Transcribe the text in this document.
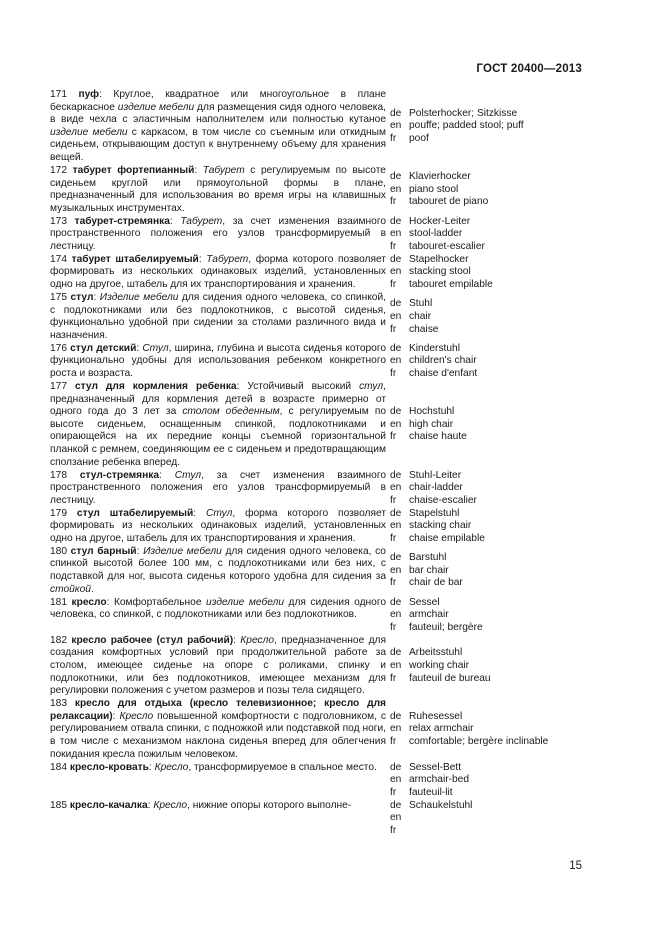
ГОСТ 20400—2013
171 пуф: Круглое, квадратное или многоугольное в плане бескаркасное изделие мебели для размещения сидя одного человека, в виде чехла с эластичным наполнителем или полностью кутаное изделие мебели с каркасом, в том числе со съемным или откидным сиденьем, открывающим доступ к внутреннему объему для хранения вещей.
de
en
fr
Polsterhocker; Sitzkisse
pouffe; padded stool; puff
poof
172 табурет фортепианный: Табурет с регулируемым по высоте сиденьем круглой или прямоугольной формы в плане, предназначенный для использования во время игры на клавишных музыкальных инструментах.
de
en
fr
Klavierhocker
piano stool
tabouret de piano
173 табурет-стремянка: Табурет, за счет изменения взаимного пространственного положения его узлов трансформируемый в лестницу.
de
en
fr
Hocker-Leiter
stool-ladder
tabouret-escalier
174 табурет штабелируемый: Табурет, форма которого позволяет формировать из нескольких одинаковых изделий, установленных одно на другое, штабель для их транспортирования и хранения.
de
en
fr
Stapelhocker
stacking stool
tabouret empilable
175 стул: Изделие мебели для сидения одного человека, со спинкой, с подлокотниками или без подлокотников, с высотой сиденья, функционально удобной при сидении за столами различного вида и назначения.
de
en
fr
Stuhl
chair
chaise
176 стул детский: Стул, ширина, глубина и высота сиденья которого функционально удобны для использования ребенком конкретного роста и возраста.
de
en
fr
Kinderstuhl
children's chair
chaise d'enfant
177 стул для кормления ребенка: Устойчивый высокий стул, предназначенный для кормления детей в возрасте примерно от одного года до 3 лет за столом обеденным, с регулируемым по высоте сиденьем, оснащенным спинкой, подлокотниками и опирающейся на их передние концы съемной горизонтальной планкой с ремнем, соединяющим ее с сиденьем и предотвращающим сползание ребенка вперед.
de
en
fr
Hochstuhl
high chair
chaise haute
178 стул-стремянка: Стул, за счет изменения взаимного пространственного положения его узлов трансформируемый в лестницу.
de
en
fr
Stuhl-Leiter
chair-ladder
chaise-escalier
179 стул штабелируемый: Стул, форма которого позволяет формировать из нескольких одинаковых изделий, установленных одно на другое, штабель для их транспортирования и хранения.
de
en
fr
Stapelstuhl
stacking chair
chaise empilable
180 стул барный: Изделие мебели для сидения одного человека, со спинкой высотой более 100 мм, с подлокотниками или без них, с подставкой для ног, высота сиденья которого удобна для сидения за стойкой.
de
en
fr
Barstuhl
bar chair
chair de bar
181 кресло: Комфортабельное изделие мебели для сидения одного человека, со спинкой, с подлокотниками или без подлокотников.
de
en
fr
Sessel
armchair
fauteuil; bergère
182 кресло рабочее (стул рабочий): Кресло, предназначенное для создания комфортных условий при продолжительной работе за столом, имеющее сиденье на опоре с роликами, спинку и подлокотники, или без подлокотников, имеющее механизм для регулировки положения с учетом размеров и позы тела сидящего.
de
en
fr
Arbeitsstuhl
working chair
fauteuil de bureau
183 кресло для отдыха (кресло телевизионное; кресло для релаксации): Кресло повышенной комфортности с подголовником, с регулированием отвала спинки, с подножкой или подставкой под ноги, в том числе с механизмом наклона сиденья вперед для облегчения покидания кресла пожилым человеком.
de
en
fr
Ruhesessel
relax armchair
comfortable; bergère inclinable
184 кресло-кровать: Кресло, трансформируемое в спальное место.	de
en
fr
Sessel-Bett
armchair-bed
fauteuil-lit
185 кресло-качалка: Кресло, нижние опоры которого выполне-	de
en
fr
Schaukelstuhl

15
